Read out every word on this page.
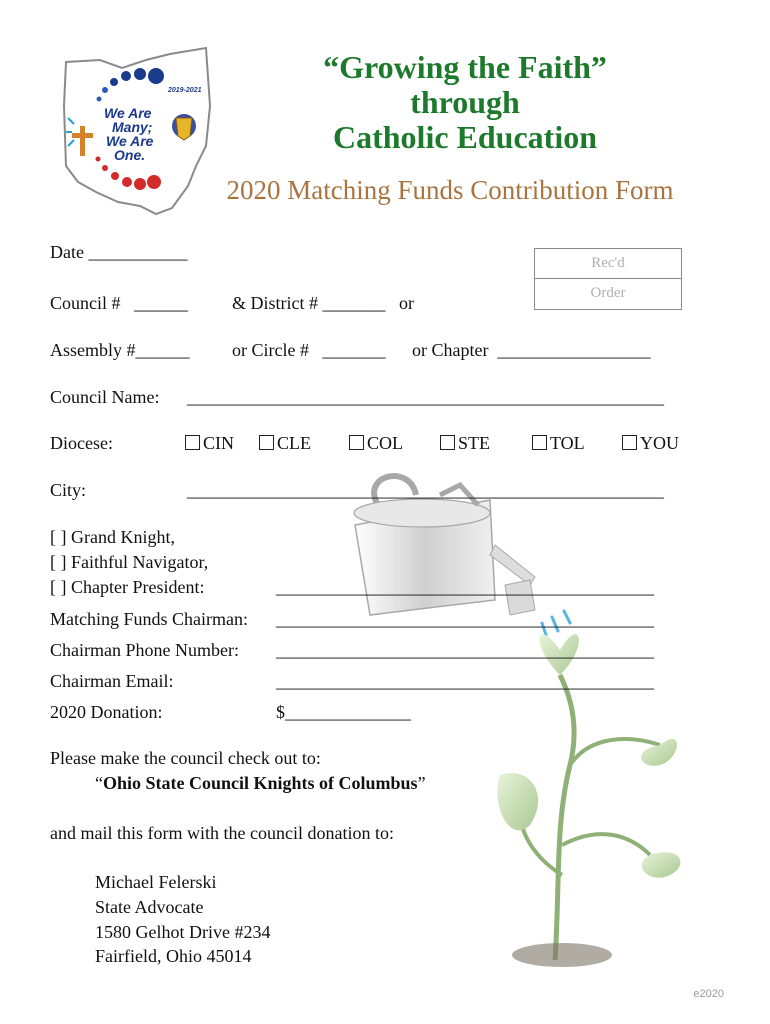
2019-2021
We Are
Many;
We Are
One.
“Growing the Faith”
through
Catholic Education
2020 Matching Funds Contribution Form
Rec'd
Order
Date ___________
Council #   ______ & District # _______   or
Assembly #______ or Circle #   _______ or Chapter  _________________
Council Name: _____________________________________________________
Diocese:	CIN	CLE	COL	STE	TOL	YOU
City:	_____________________________________________________
[ ] Grand Knight,
[ ] Faithful Navigator,
[ ] Chapter President:	__________________________________________
Matching Funds Chairman: __________________________________________
Chairman Phone Number: __________________________________________
Chairman Email:	__________________________________________
2020 Donation:	$______________
Please make the council check out to:
“Ohio State Council Knights of Columbus”
and mail this form with the council donation to:
Michael Felerski
State Advocate
1580 Gelhot Drive #234
Fairfield, Ohio 45014
e2020
